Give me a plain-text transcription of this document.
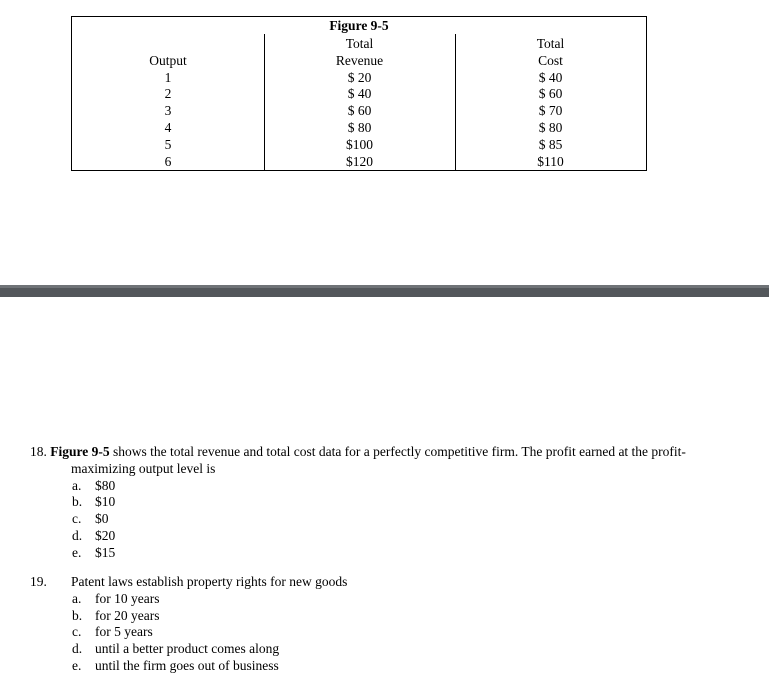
Figure 9-5
Output
1
2
3
4
5
6
Total
Revenue
$ 20
$ 40
$ 60
$ 80
$100
$120
Total
Cost
$ 40
$ 60
$ 70
$ 80
$ 85
$110
18. Figure 9-5 shows the total revenue and total cost data for a perfectly competitive firm. The profit earned at the profit-maximizing output level is
a. $80
b. $10
c. $0
d. $20
e. $15
19. Patent laws establish property rights for new goods
a. for 10 years
b. for 20 years
c. for 5 years
d. until a better product comes along
e. until the firm goes out of business
